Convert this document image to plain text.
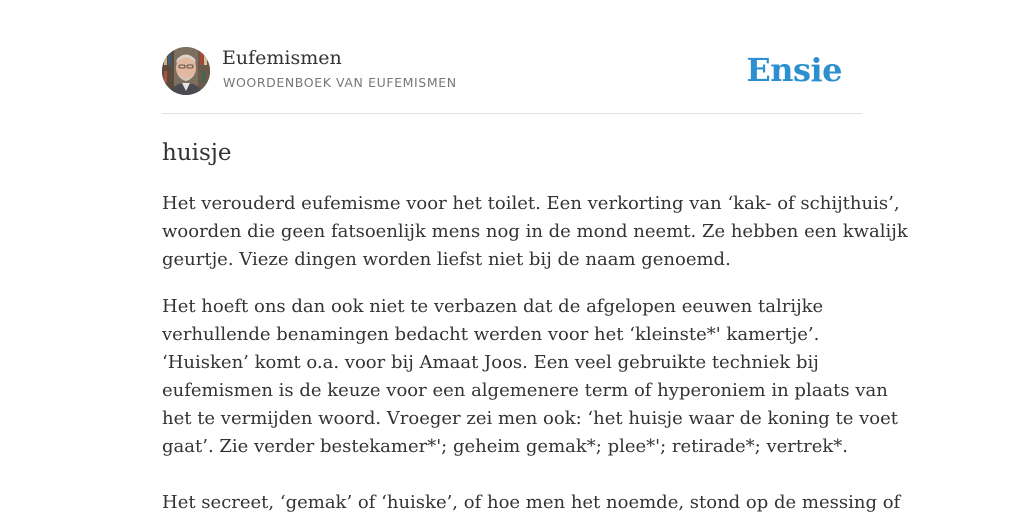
Eufemismen
WOORDENBOEK VAN EUFEMISMEN	Ensie
huisje

Het verouderd eufemisme voor het toilet. Een verkorting van ‘kak- of schijthuis’,
woorden die geen fatsoenlijk mens nog in de mond neemt. Ze hebben een kwalijk
geurtje. Vieze dingen worden liefst niet bij de naam genoemd.

Het hoeft ons dan ook niet te verbazen dat de afgelopen eeuwen talrijke
verhullende benamingen bedacht werden voor het ‘kleinste*' kamertje’.
‘Huisken’ komt o.a. voor bij Amaat Joos. Een veel gebruikte techniek bij
eufemismen is de keuze voor een algemenere term of hyperoniem in plaats van
het te vermijden woord. Vroeger zei men ook: ‘het huisje waar de koning te voet
gaat’. Zie verder bestekamer*'; geheim gemak*; plee*'; retirade*; vertrek*.

Het secreet, ‘gemak’ of ‘huiske’, of hoe men het noemde, stond op de messing of
